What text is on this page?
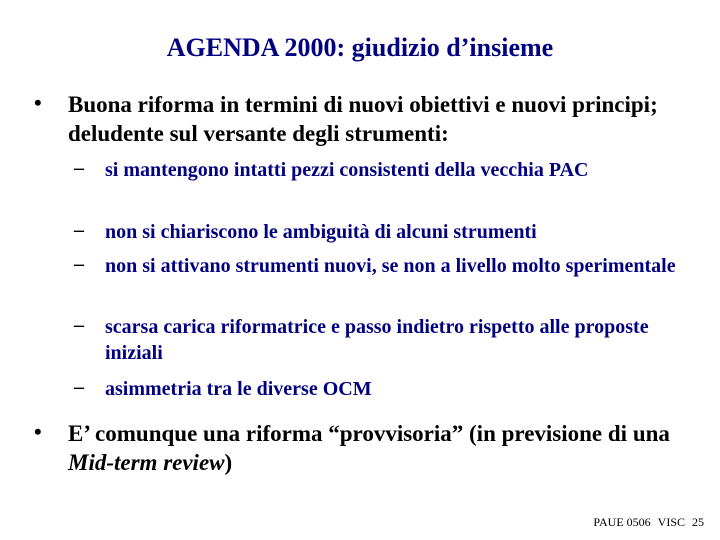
AGENDA 2000: giudizio d’insieme
• Buona riforma in termini di nuovi obiettivi e nuovi principi; deludente sul versante degli strumenti:
– si mantengono intatti pezzi consistenti della vecchia PAC
– non si chiariscono le ambiguità di alcuni strumenti
– non si attivano strumenti nuovi, se non a livello molto sperimentale
– scarsa carica riformatrice e passo indietro rispetto alle proposte iniziali
– asimmetria tra le diverse OCM
• E’ comunque una riforma “provvisoria” (in previsione di una Mid-term review)
PAUE 0506 VISC 25
